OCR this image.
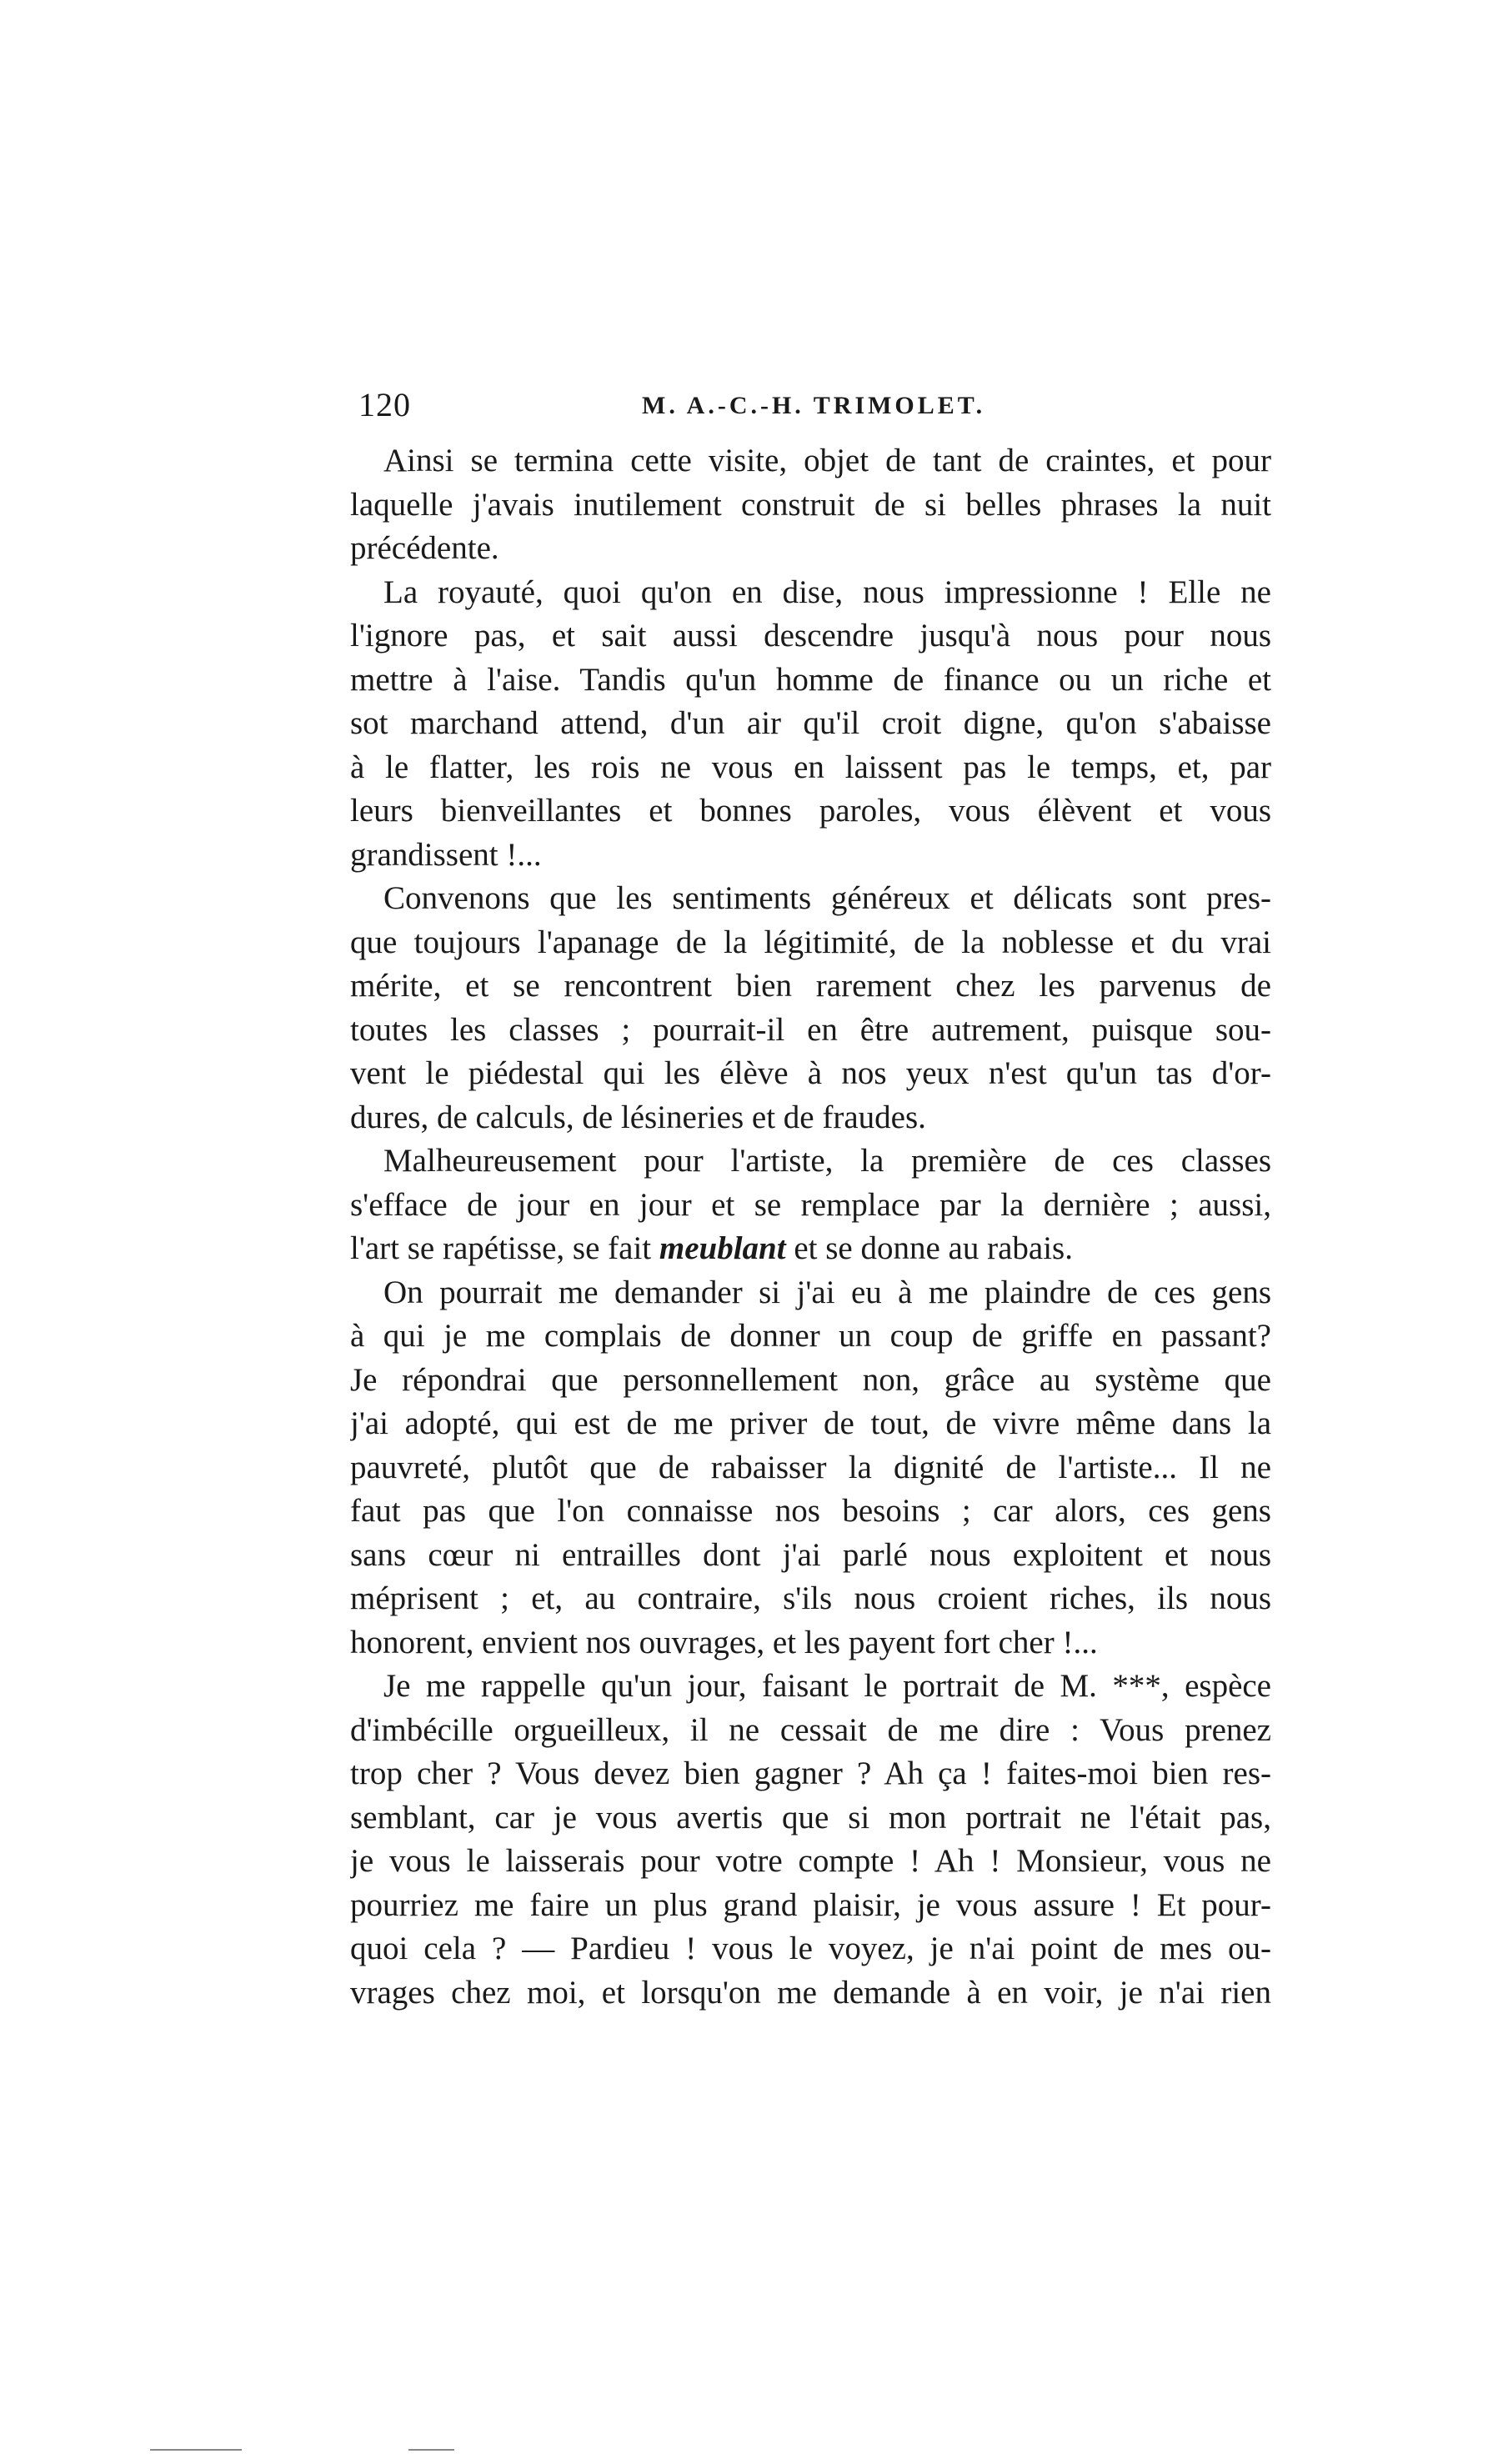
120	M. A.-C.-H. TRIMOLET.
Ainsi se termina cette visite, objet de tant de craintes, et pour
laquelle j'avais inutilement construit de si belles phrases la nuit
précédente.
La royauté, quoi qu'on en dise, nous impressionne ! Elle ne
l'ignore pas, et sait aussi descendre jusqu'à nous pour nous
mettre à l'aise. Tandis qu'un homme de finance ou un riche et
sot marchand attend, d'un air qu'il croit digne, qu'on s'abaisse
à le flatter, les rois ne vous en laissent pas le temps, et, par
leurs bienveillantes et bonnes paroles, vous élèvent et vous
grandissent !...
Convenons que les sentiments généreux et délicats sont pres-
que toujours l'apanage de la légitimité, de la noblesse et du vrai
mérite, et se rencontrent bien rarement chez les parvenus de
toutes les classes ; pourrait-il en être autrement, puisque sou-
vent le piédestal qui les élève à nos yeux n'est qu'un tas d'or-
dures, de calculs, de lésineries et de fraudes.
Malheureusement pour l'artiste, la première de ces classes
s'efface de jour en jour et se remplace par la dernière ; aussi,
l'art se rapétisse, se fait meublant et se donne au rabais.
On pourrait me demander si j'ai eu à me plaindre de ces gens
à qui je me complais de donner un coup de griffe en passant?
Je répondrai que personnellement non, grâce au système que
j'ai adopté, qui est de me priver de tout, de vivre même dans la
pauvreté, plutôt que de rabaisser la dignité de l'artiste... Il ne
faut pas que l'on connaisse nos besoins ; car alors, ces gens
sans cœur ni entrailles dont j'ai parlé nous exploitent et nous
méprisent ; et, au contraire, s'ils nous croient riches, ils nous
honorent, envient nos ouvrages, et les payent fort cher !...
Je me rappelle qu'un jour, faisant le portrait de M. ***, espèce
d'imbécille orgueilleux, il ne cessait de me dire : Vous prenez
trop cher ? Vous devez bien gagner ? Ah ça ! faites-moi bien res-
semblant, car je vous avertis que si mon portrait ne l'était pas,
je vous le laisserais pour votre compte ! Ah ! Monsieur, vous ne
pourriez me faire un plus grand plaisir, je vous assure ! Et pour-
quoi cela ? — Pardieu ! vous le voyez, je n'ai point de mes ou-
vrages chez moi, et lorsqu'on me demande à en voir, je n'ai rien
